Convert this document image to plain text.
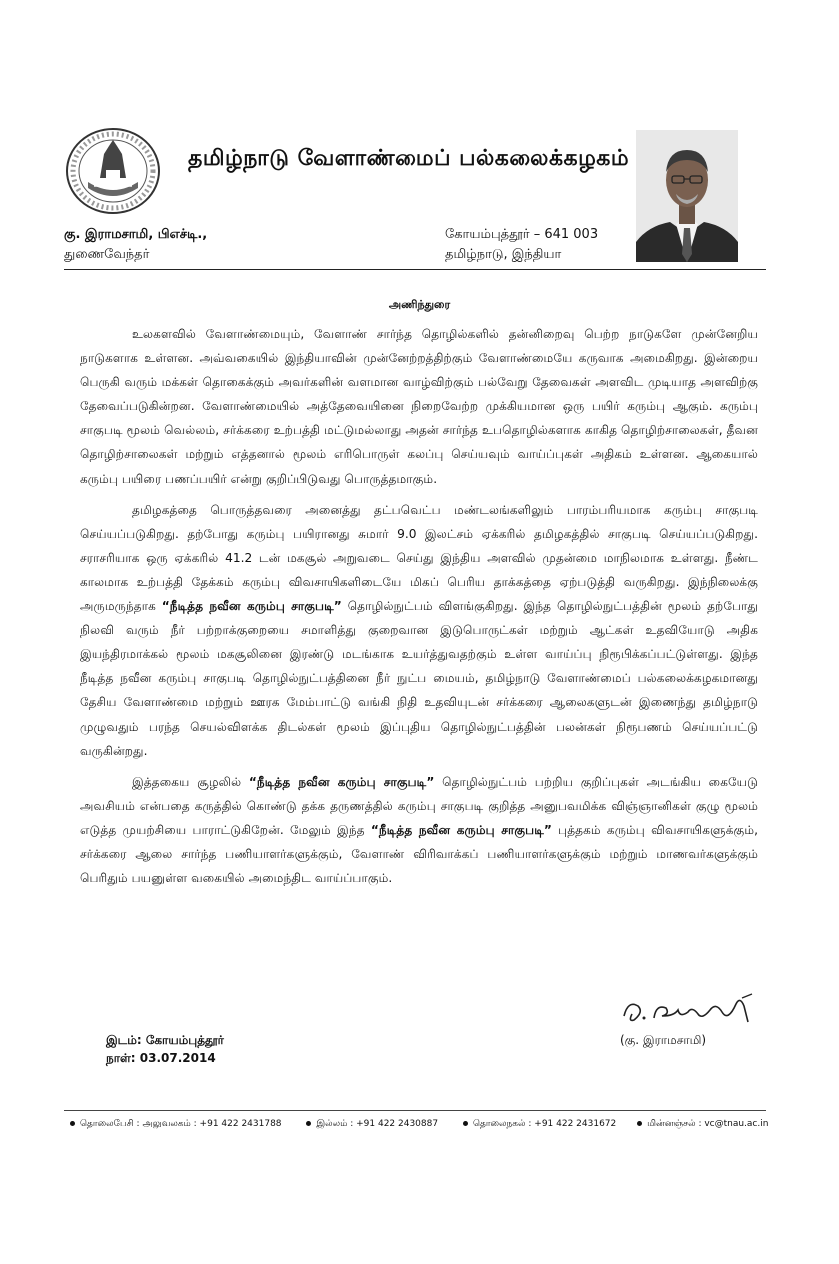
தமிழ்நாடு வேளாண்மைப் பல்கலைக்கழகம்
கு. இராமசாமி, பிஎச்டி.,
துணைவேந்தர்
கோயம்புத்தூர் – 641 003
தமிழ்நாடு, இந்தியா
அணிந்துரை

உலகளவில் வேளாண்மையும், வேளாண் சார்ந்த தொழில்களில் தன்னிறைவு பெற்ற நாடுகளே முன்னேறிய நாடுகளாக உள்ளன. அவ்வகையில் இந்தியாவின் முன்னேற்றத்திற்கும் வேளாண்மையே கருவாக அமைகிறது. இன்றைய பெருகி வரும் மக்கள் தொகைக்கும் அவர்களின் வளமான வாழ்விற்கும் பல்வேறு தேவைகள் அளவிட முடியாத அளவிற்கு தேவைப்படுகின்றன. வேளாண்மையில் அத்தேவையினை நிறைவேற்ற முக்கியமான ஒரு பயிர் கரும்பு ஆகும். கரும்பு சாகுபடி மூலம் வெல்லம், சர்க்கரை உற்பத்தி மட்டுமல்லாது அதன் சார்ந்த உபதொழில்களாக காகித தொழிற்சாலைகள், தீவன தொழிற்சாலைகள் மற்றும் எத்தனால் மூலம் எரிபொருள் கலப்பு செய்யவும் வாய்ப்புகள் அதிகம் உள்ளன. ஆகையால் கரும்பு பயிரை பணப்பயிர் என்று குறிப்பிடுவது பொருத்தமாகும்.

தமிழகத்தை பொருத்தவரை அனைத்து தட்பவெட்ப மண்டலங்களிலும் பாரம்பரியமாக கரும்பு சாகுபடி செய்யப்படுகிறது. தற்போது கரும்பு பயிரானது சுமார் 9.0 இலட்சம் ஏக்கரில் தமிழகத்தில் சாகுபடி செய்யப்படுகிறது. சராசரியாக ஒரு ஏக்கரில் 41.2 டன் மகசூல் அறுவடை செய்து இந்திய அளவில் முதன்மை மாநிலமாக உள்ளது. நீண்ட காலமாக உற்பத்தி தேக்கம் கரும்பு விவசாயிகளிடையே மிகப் பெரிய தாக்கத்தை ஏற்படுத்தி வருகிறது. இந்நிலைக்கு அருமருந்தாக “நீடித்த நவீன கரும்பு சாகுபடி” தொழில்நுட்பம் விளங்குகிறது. இந்த தொழில்நுட்பத்தின் மூலம் தற்போது நிலவி வரும் நீர் பற்றாக்குறையை சமாளித்து குறைவான இடுபொருட்கள் மற்றும் ஆட்கள் உதவியோடு அதிக இயந்திரமாக்கல் மூலம் மகசூலினை இரண்டு மடங்காக உயர்த்துவதற்கும் உள்ள வாய்ப்பு நிரூபிக்கப்பட்டுள்ளது. இந்த நீடித்த நவீன கரும்பு சாகுபடி தொழில்நுட்பத்தினை நீர் நுட்ப மையம், தமிழ்நாடு வேளாண்மைப் பல்கலைக்கழகமானது தேசிய வேளாண்மை மற்றும் ஊரக மேம்பாட்டு வங்கி நிதி உதவியுடன் சர்க்கரை ஆலைகளுடன் இணைந்து தமிழ்நாடு முழுவதும் பரந்த செயல்விளக்க திடல்கள் மூலம் இப்புதிய தொழில்நுட்பத்தின் பலன்கள் நிரூபணம் செய்யப்பட்டு வருகின்றது.

இத்தகைய சூழலில் “நீடித்த நவீன கரும்பு சாகுபடி” தொழில்நுட்பம் பற்றிய குறிப்புகள் அடங்கிய கையேடு அவசியம் என்பதை கருத்தில் கொண்டு தக்க தருணத்தில் கரும்பு சாகுபடி குறித்த அனுபவமிக்க விஞ்ஞானிகள் குழு மூலம் எடுத்த முயற்சியை பாராட்டுகிறேன். மேலும் இந்த “நீடித்த நவீன கரும்பு சாகுபடி” புத்தகம் கரும்பு விவசாயிகளுக்கும், சர்க்கரை ஆலை சார்ந்த பணியாளர்களுக்கும், வேளாண் விரிவாக்கப் பணியாளர்களுக்கும் மற்றும் மாணவர்களுக்கும் பெரிதும் பயனுள்ள வகையில் அமைந்திட வாய்ப்பாகும்.

(கு. இராமசாமி)
இடம்: கோயம்புத்தூர்
நாள்: 03.07.2014
தொலைபேசி : அலுவலகம் : +91 422 2431788	இல்லம் : +91 422 2430887	தொலைநகல் : +91 422 2431672	மின்னஞ்சல் : vc@tnau.ac.in
